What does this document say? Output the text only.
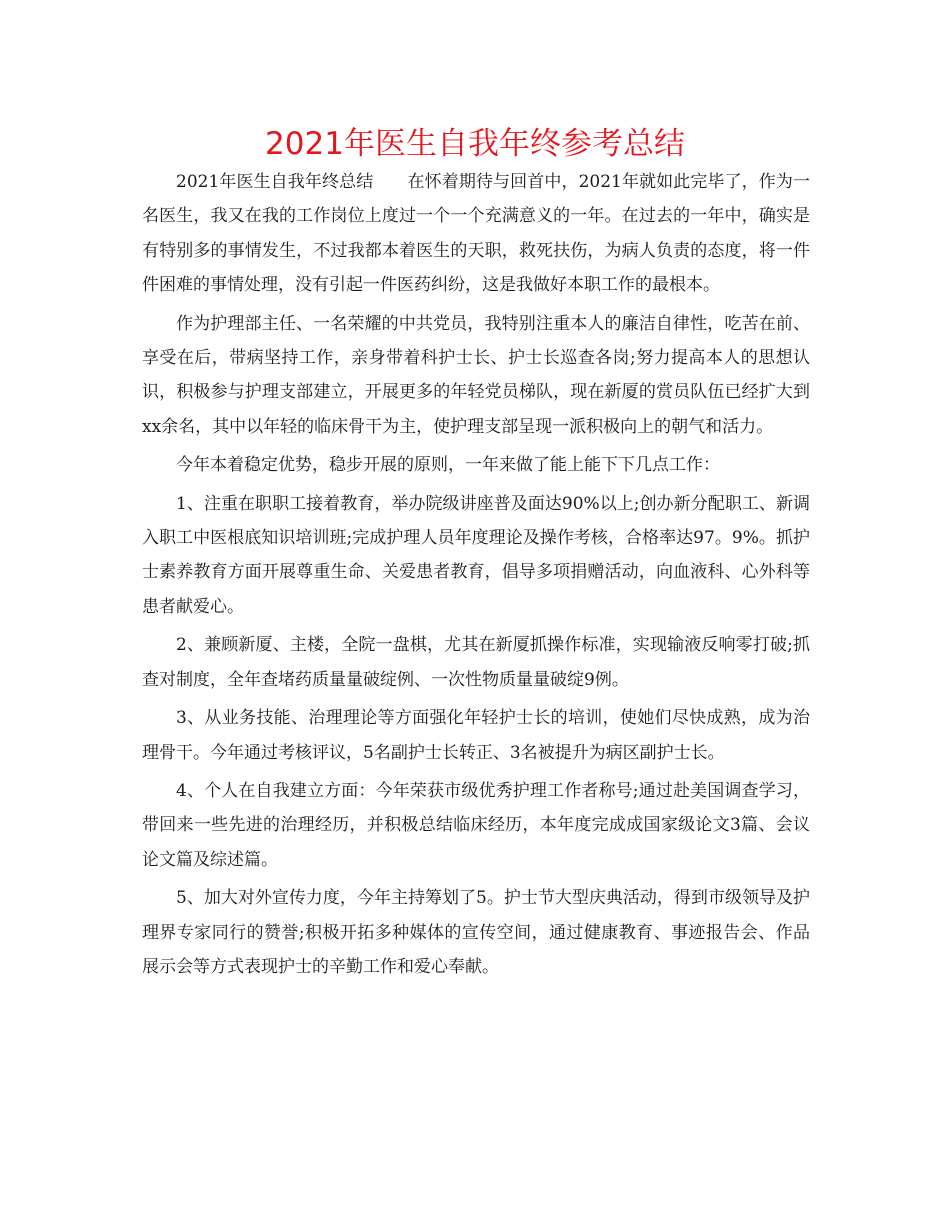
2021年医生自我年终参考总结

2021年医生自我年终总结　　在怀着期待与回首中，2021年就如此完毕了，作为一名医生，我又在我的工作岗位上度过一个一个充满意义的一年。在过去的一年中，确实是有特别多的事情发生，不过我都本着医生的天职，救死扶伤，为病人负责的态度，将一件件困难的事情处理，没有引起一件医药纠纷，这是我做好本职工作的最根本。

作为护理部主任、一名荣耀的中共党员，我特别注重本人的廉洁自律性，吃苦在前、享受在后，带病坚持工作，亲身带着科护士长、护士长巡查各岗;努力提高本人的思想认识，积极参与护理支部建立，开展更多的年轻党员梯队，现在新厦的赏员队伍已经扩大到xx余名，其中以年轻的临床骨干为主，使护理支部呈现一派积极向上的朝气和活力。

今年本着稳定优势，稳步开展的原则，一年来做了能上能下下几点工作：

1、注重在职职工接着教育，举办院级讲座普及面达90%以上;创办新分配职工、新调入职工中医根底知识培训班;完成护理人员年度理论及操作考核，合格率达97。9%。抓护士素养教育方面开展尊重生命、关爱患者教育，倡导多项捐赠活动，向血液科、心外科等患者献爱心。

2、兼顾新厦、主楼，全院一盘棋，尤其在新厦抓操作标准，实现输液反响零打破;抓查对制度，全年查堵药质量量破绽例、一次性物质量量破绽9例。

3、从业务技能、治理理论等方面强化年轻护士长的培训，使她们尽快成熟，成为治理骨干。今年通过考核评议，5名副护士长转正、3名被提升为病区副护士长。

4、个人在自我建立方面：今年荣获市级优秀护理工作者称号;通过赴美国调查学习，带回来一些先进的治理经历，并积极总结临床经历，本年度完成成国家级论文3篇、会议论文篇及综述篇。

5、加大对外宣传力度，今年主持筹划了5。护士节大型庆典活动，得到市级领导及护理界专家同行的赞誉;积极开拓多种媒体的宣传空间，通过健康教育、事迹报告会、作品展示会等方式表现护士的辛勤工作和爱心奉献。
